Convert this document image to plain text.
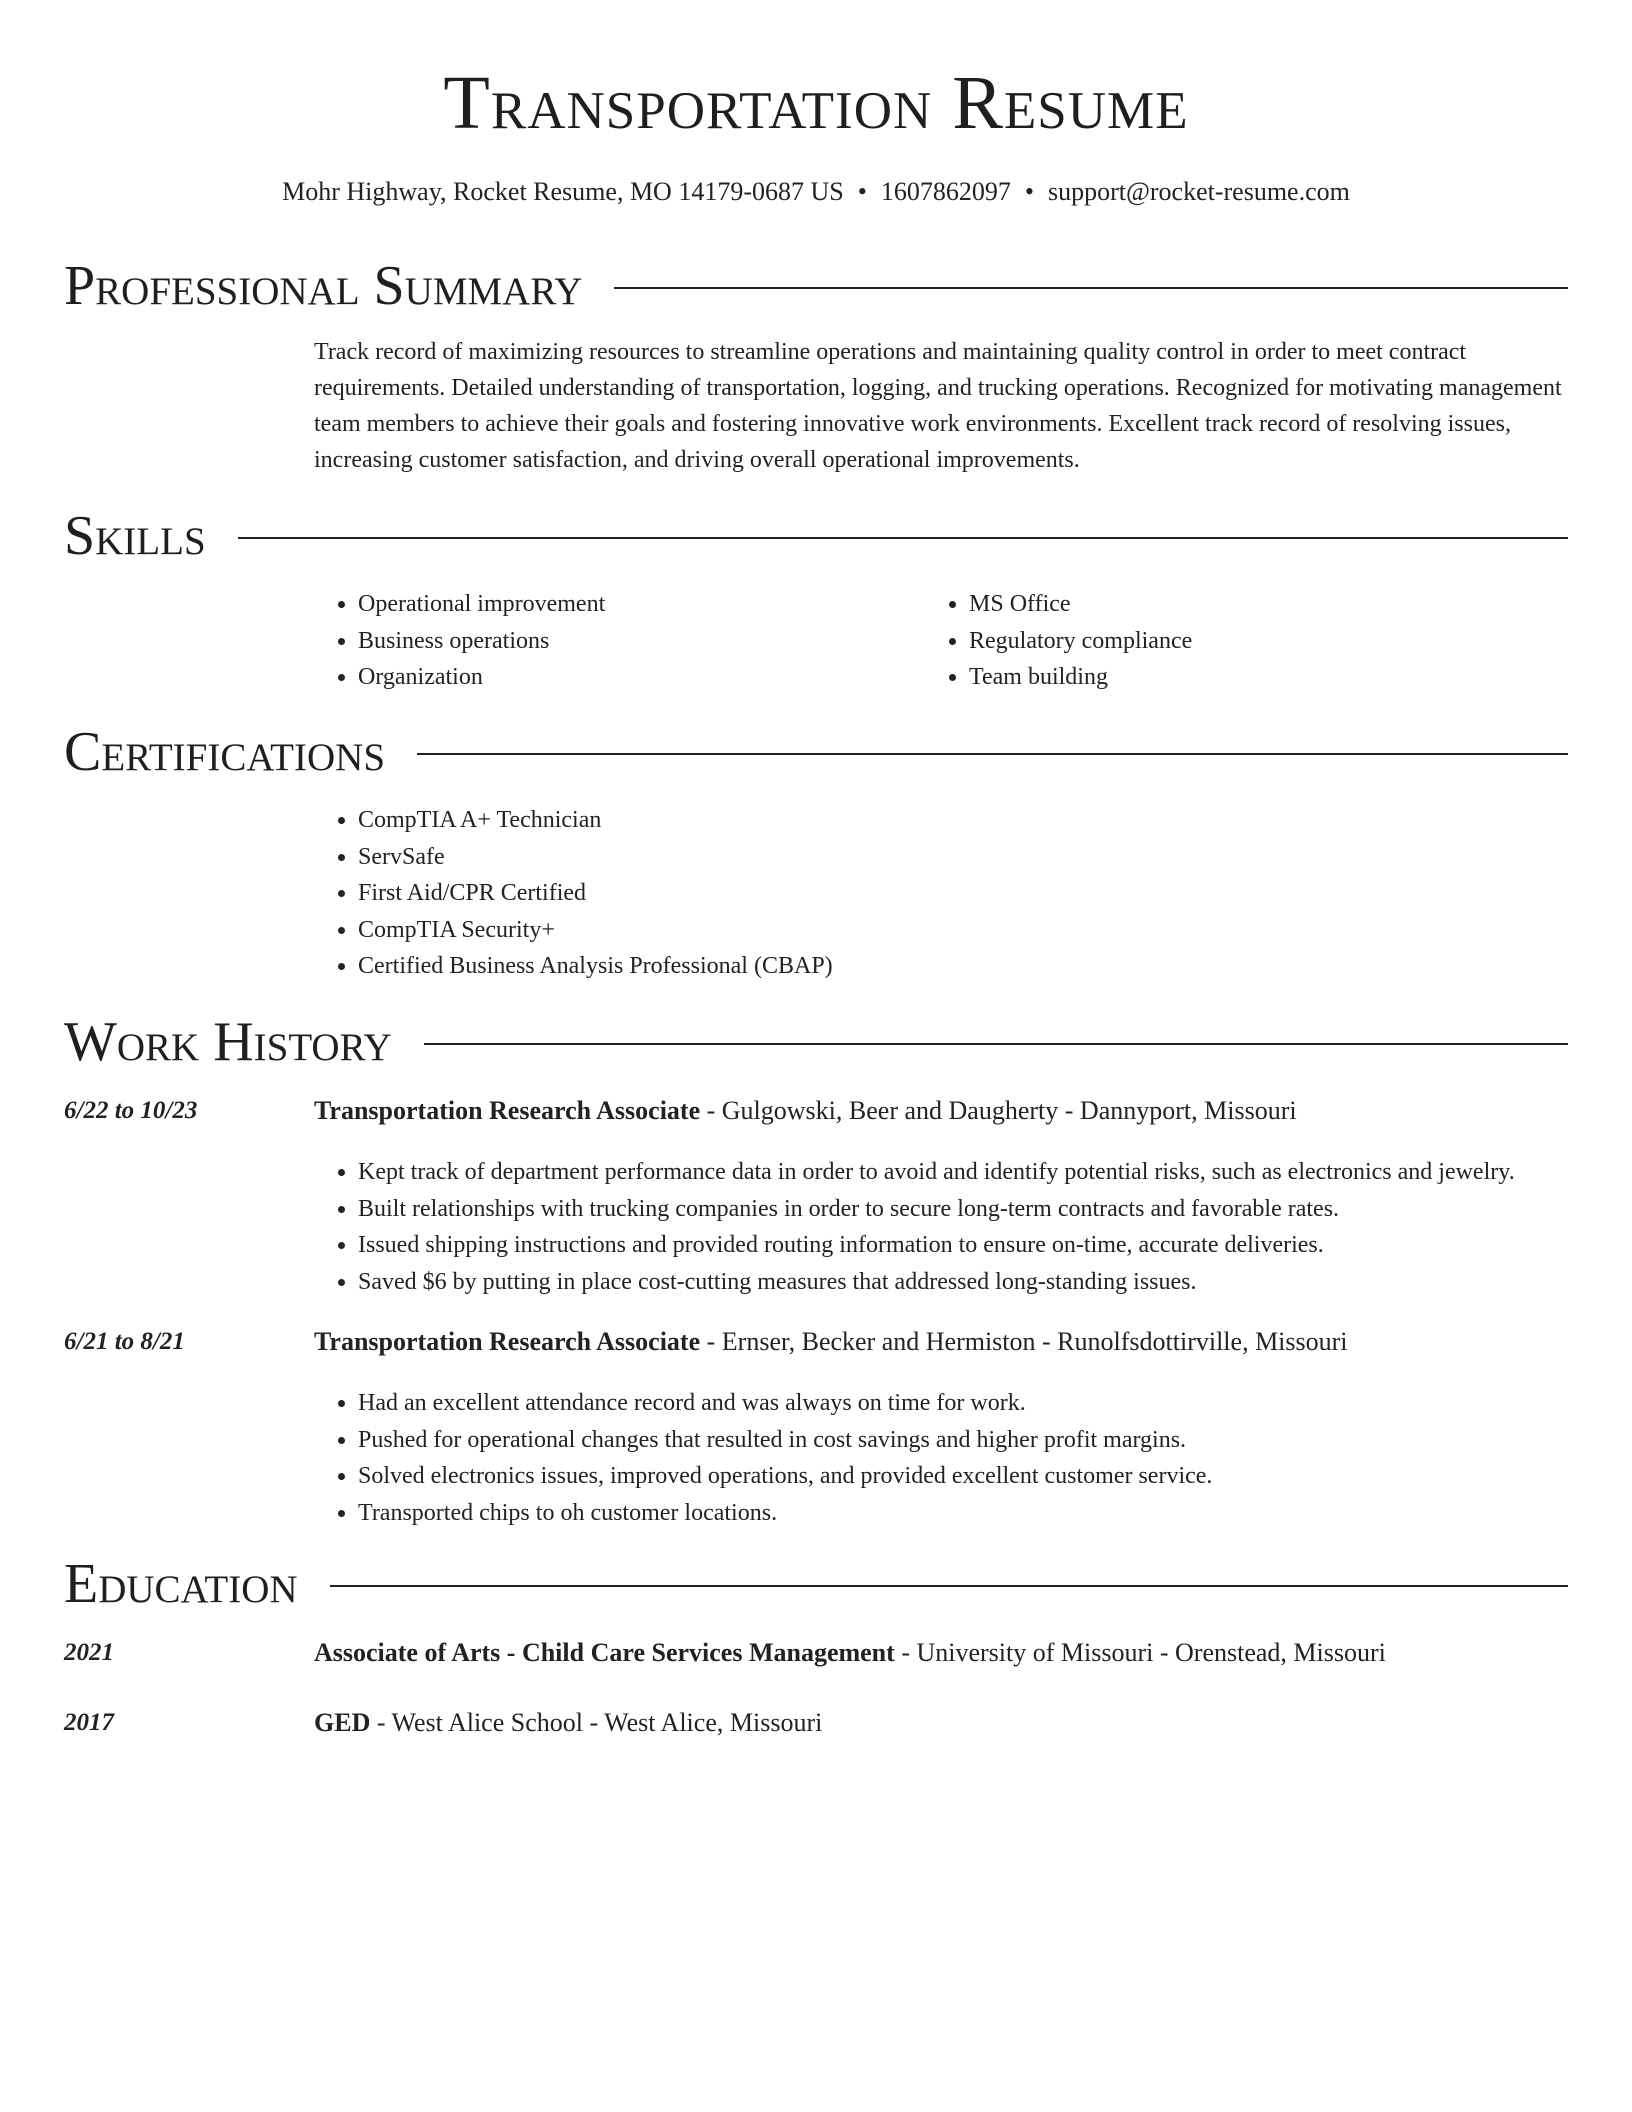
Transportation Resume
Mohr Highway, Rocket Resume, MO 14179-0687 US • 1607862097 • support@rocket-resume.com
Professional Summary
Track record of maximizing resources to streamline operations and maintaining quality control in order to meet contract requirements. Detailed understanding of transportation, logging, and trucking operations. Recognized for motivating management team members to achieve their goals and fostering innovative work environments. Excellent track record of resolving issues, increasing customer satisfaction, and driving overall operational improvements.
Skills
• Operational improvement
• Business operations
• Organization
• MS Office
• Regulatory compliance
• Team building
Certifications
• CompTIA A+ Technician
• ServSafe
• First Aid/CPR Certified
• CompTIA Security+
• Certified Business Analysis Professional (CBAP)
Work History
6/22 to 10/23	Transportation Research Associate - Gulgowski, Beer and Daugherty - Dannyport, Missouri
• Kept track of department performance data in order to avoid and identify potential risks, such as electronics and jewelry.
• Built relationships with trucking companies in order to secure long-term contracts and favorable rates.
• Issued shipping instructions and provided routing information to ensure on-time, accurate deliveries.
• Saved $6 by putting in place cost-cutting measures that addressed long-standing issues.
6/21 to 8/21	Transportation Research Associate - Ernser, Becker and Hermiston - Runolfsdottirville, Missouri
• Had an excellent attendance record and was always on time for work.
• Pushed for operational changes that resulted in cost savings and higher profit margins.
• Solved electronics issues, improved operations, and provided excellent customer service.
• Transported chips to oh customer locations.
Education
2021	Associate of Arts - Child Care Services Management - University of Missouri - Orenstead, Missouri
2017	GED - West Alice School - West Alice, Missouri
